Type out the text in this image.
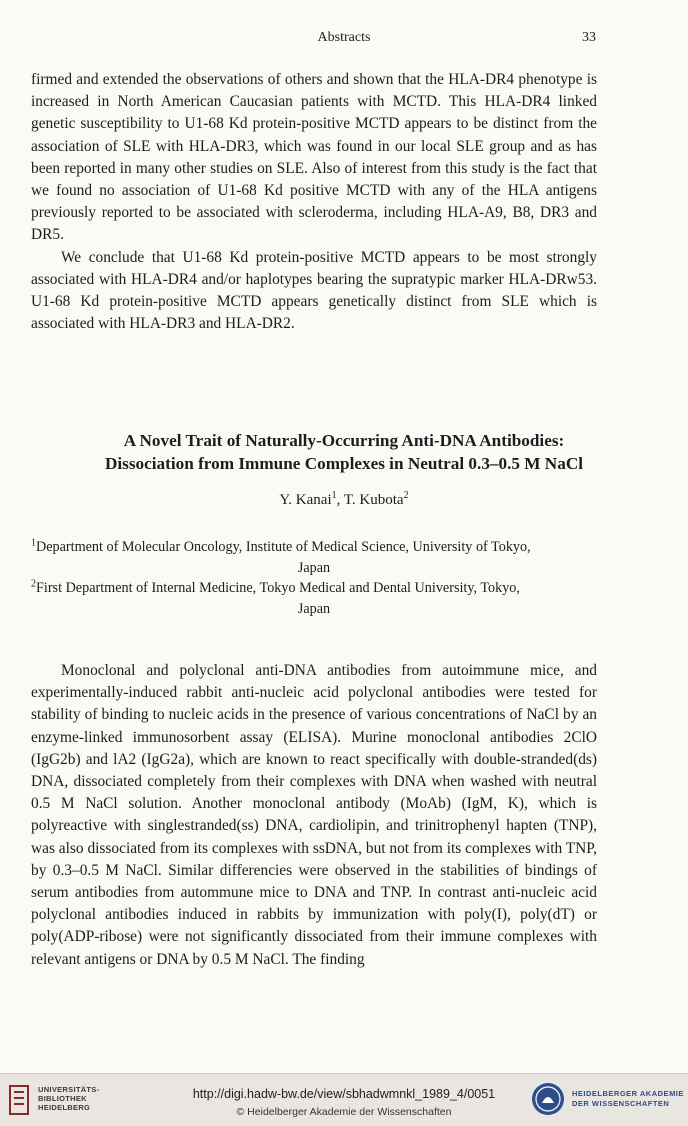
Abstracts	33

firmed and extended the observations of others and shown that the HLA-DR4 phenotype is increased in North American Caucasian patients with MCTD. This HLA-DR4 linked genetic susceptibility to U1-68 Kd protein-positive MCTD appears to be distinct from the association of SLE with HLA-DR3, which was found in our local SLE group and as has been reported in many other studies on SLE. Also of interest from this study is the fact that we found no association of U1-68 Kd positive MCTD with any of the HLA antigens previously reported to be associated with scleroderma, including HLA-A9, B8, DR3 and DR5.

We conclude that U1-68 Kd protein-positive MCTD appears to be most strongly associated with HLA-DR4 and/or haplotypes bearing the supratypic marker HLA-DRw53. U1-68 Kd protein-positive MCTD appears genetically distinct from SLE which is associated with HLA-DR3 and HLA-DR2.

A Novel Trait of Naturally-Occurring Anti-DNA Antibodies:
Dissociation from Immune Complexes in Neutral 0.3–0.5 M NaCl
Y. Kanai$^1$, T. Kubota$^2$
$^1$Department of Molecular Oncology, Institute of Medical Science, University of Tokyo,
Japan
$^2$First Department of Internal Medicine, Tokyo Medical and Dental University, Tokyo,
Japan

Monoclonal and polyclonal anti-DNA antibodies from autoimmune mice, and experimentally-induced rabbit anti-nucleic acid polyclonal antibodies were tested for stability of binding to nucleic acids in the presence of various concentrations of NaCl by an enzyme-linked immunosorbent assay (ELISA). Murine monoclonal antibodies 2ClO (IgG2b) and lA2 (IgG2a), which are known to react specifically with double-stranded(ds) DNA, dissociated completely from their complexes with DNA when washed with neutral 0.5 M NaCl solution. Another monoclonal antibody (MoAb) (IgM, K), which is polyreactive with singlestranded(ss) DNA, cardiolipin, and trinitrophenyl hapten (TNP), was also dissociated from its complexes with ssDNA, but not from its complexes with TNP, by 0.3–0.5 M NaCl. Similar differencies were observed in the stabilities of bindings of serum antibodies from autommune mice to DNA and TNP. In contrast anti-nucleic acid polyclonal antibodies induced in rabbits by immunization with poly(I), poly(dT) or poly(ADP-ribose) were not significantly dissociated from their immune complexes with relevant antigens or DNA by 0.5 M NaCl. The finding

UNIVERSITÄTS-
BIBLIOTHEK
HEIDELBERG
http://digi.hadw-bw.de/view/sbhadwmnkl_1989_4/0051
© Heidelberger Akademie der Wissenschaften
HEIDELBERGER AKADEMIE
DER WISSENSCHAFTEN
